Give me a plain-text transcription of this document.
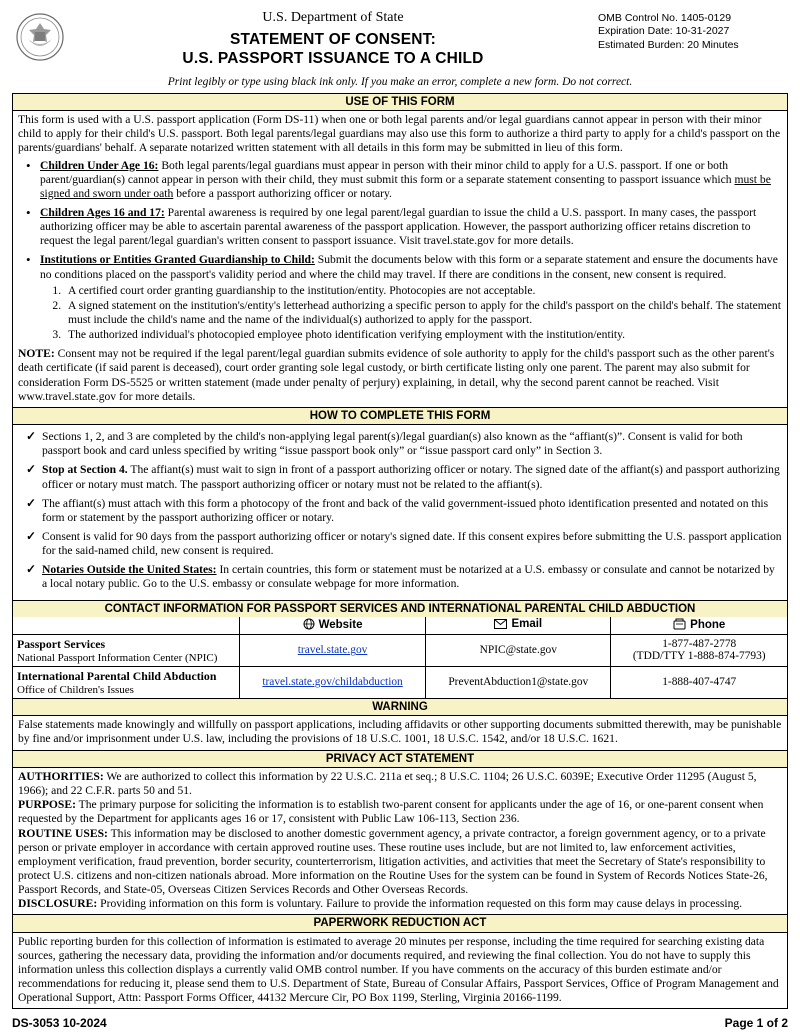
U.S. Department of State
STATEMENT OF CONSENT:
U.S. PASSPORT ISSUANCE TO A CHILD
OMB Control No. 1405-0129
Expiration Date: 10-31-2027
Estimated Burden: 20 Minutes
Print legibly or type using black ink only. If you make an error, complete a new form. Do not correct.
USE OF THIS FORM

This form is used with a U.S. passport application (Form DS-11) when one or both legal parents and/or legal guardians cannot appear in person with their minor child to apply for their child's U.S. passport. Both legal parents/legal guardians may also use this form to authorize a third party to apply for a child's passport on the parents/guardians' behalf. A separate notarized written statement with all details in this form may be submitted in lieu of this form.

• Children Under Age 16: Both legal parents/legal guardians must appear in person with their minor child to apply for a U.S. passport. If one or both parent/guardian(s) cannot appear in person with their child, they must submit this form or a separate statement consenting to passport issuance which must be signed and sworn under oath before a passport authorizing officer or notary.
• Children Ages 16 and 17: Parental awareness is required by one legal parent/legal guardian to issue the child a U.S. passport. In many cases, the passport authorizing officer may be able to ascertain parental awareness of the passport application. However, the passport authorizing officer retains discretion to request the legal parent/legal guardian's written consent to passport issuance. Visit travel.state.gov for more details.
• Institutions or Entities Granted Guardianship to Child: Submit the documents below with this form or a separate statement and ensure the documents have no conditions placed on the passport's validity period and where the child may travel. If there are conditions in the consent, new consent is required.
1. A certified court order granting guardianship to the institution/entity. Photocopies are not acceptable.
2. A signed statement on the institution's/entity's letterhead authorizing a specific person to apply for the child's passport on the child's behalf. The statement must include the child's name and the name of the individual(s) authorized to apply for the passport.
3. The authorized individual's photocopied employee photo identification verifying employment with the institution/entity.

NOTE: Consent may not be required if the legal parent/legal guardian submits evidence of sole authority to apply for the child's passport such as the other parent's death certificate (if said parent is deceased), court order granting sole legal custody, or birth certificate listing only one parent. The parent may also submit for consideration Form DS-5525 or written statement (made under penalty of perjury) explaining, in detail, why the second parent cannot be reached. Visit www.travel.state.gov for more details.

HOW TO COMPLETE THIS FORM
✓ Sections 1, 2, and 3 are completed by the child's non-applying legal parent(s)/legal guardian(s) also known as the “affiant(s)”. Consent is valid for both passport book and card unless specified by writing “issue passport book only” or “issue passport card only” in Section 3.
✓ Stop at Section 4. The affiant(s) must wait to sign in front of a passport authorizing officer or notary. The signed date of the affiant(s) and passport authorizing officer or notary must match. The passport authorizing officer or notary must not be related to the affiant(s).
✓ The affiant(s) must attach with this form a photocopy of the front and back of the valid government-issued photo identification presented and notated on this form or statement by the passport authorizing officer or notary.
✓ Consent is valid for 90 days from the passport authorizing officer or notary's signed date. If this consent expires before submitting the U.S. passport application for the said-named child, new consent is required.
✓ Notaries Outside the United States: In certain countries, this form or statement must be notarized at a U.S. embassy or consulate and cannot be notarized by a local notary public. Go to the U.S. embassy or consulate webpage for more information.
CONTACT INFORMATION FOR PASSPORT SERVICES AND INTERNATIONAL PARENTAL CHILD ABDUCTION
	Website	Email	Phone

Passport Services
National Passport Information Center (NPIC)
	travel.state.gov	NPIC@state.gov	1-877-487-2778
(TDD/TTY 1-888-874-7793)

International Parental Child Abduction
Office of Children's Issues	travel.state.gov/childabduction	PreventAbduction1@state.gov	1-888-407-4747
WARNING

False statements made knowingly and willfully on passport applications, including affidavits or other supporting documents submitted therewith, may be punishable by fine and/or imprisonment under U.S. law, including the provisions of 18 U.S.C. 1001, 18 U.S.C. 1542, and/or 18 U.S.C. 1621.

PRIVACY ACT STATEMENT

AUTHORITIES: We are authorized to collect this information by 22 U.S.C. 211a et seq.; 8 U.S.C. 1104; 26 U.S.C. 6039E; Executive Order 11295 (August 5, 1966); and 22 C.F.R. parts 50 and 51.

PURPOSE: The primary purpose for soliciting the information is to establish two-parent consent for applicants under the age of 16, or one-parent consent when requested by the Department for applicants ages 16 or 17, consistent with Public Law 106-113, Section 236.

ROUTINE USES: This information may be disclosed to another domestic government agency, a private contractor, a foreign government agency, or to a private person or private employer in accordance with certain approved routine uses. These routine uses include, but are not limited to, law enforcement activities, employment verification, fraud prevention, border security, counterterrorism, litigation activities, and activities that meet the Secretary of State's responsibility to protect U.S. citizens and non-citizen nationals abroad. More information on the Routine Uses for the system can be found in System of Records Notices State-26, Passport Records, and State-05, Overseas Citizen Services Records and Other Overseas Records.

DISCLOSURE: Providing information on this form is voluntary. Failure to provide the information requested on this form may cause delays in processing.

PAPERWORK REDUCTION ACT

Public reporting burden for this collection of information is estimated to average 20 minutes per response, including the time required for searching existing data sources, gathering the necessary data, providing the information and/or documents required, and reviewing the final collection. You do not have to supply this information unless this collection displays a currently valid OMB control number. If you have comments on the accuracy of this burden estimate and/or recommendations for reducing it, please send them to U.S. Department of State, Bureau of Consular Affairs, Passport Services, Office of Program Management and Operational Support, Attn: Passport Forms Officer, 44132 Mercure Cir, PO Box 1199, Sterling, Virginia 20166-1199.

DS-3053 10-2024	Page 1 of 2
